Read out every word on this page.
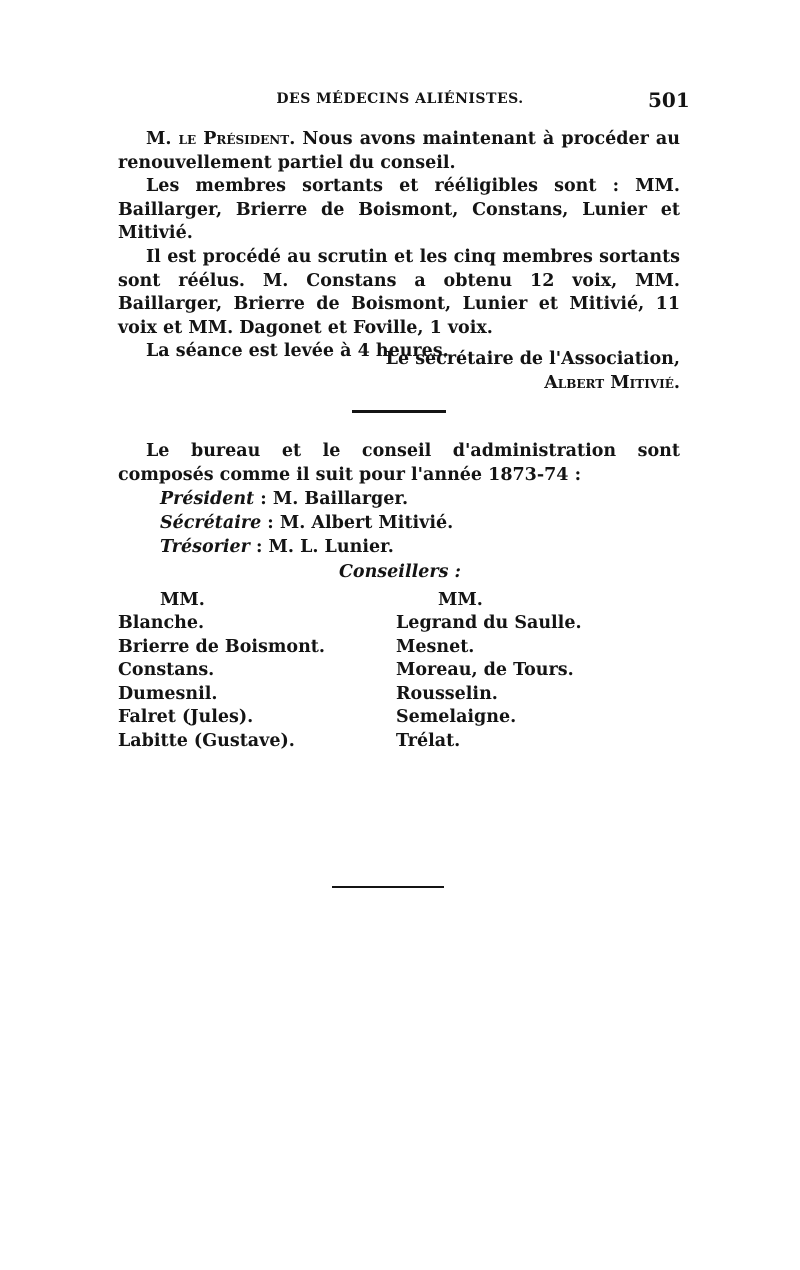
DES MÉDECINS ALIÉNISTES.	501

M. le Président. Nous avons maintenant à procéder au renouvellement partiel du conseil.

Les membres sortants et rééligibles sont : MM. Baillarger, Brierre de Boismont, Constans, Lunier et Mitivié.

Il est procédé au scrutin et les cinq membres sortants sont réélus. M. Constans a obtenu 12 voix, MM. Baillarger, Brierre de Boismont, Lunier et Mitivié, 11 voix et MM. Dagonet et Foville, 1 voix.

La séance est levée à 4 heures.

Le secrétaire de l'Association,
Albert Mitivié.

Le bureau et le conseil d'administration sont composés comme il suit pour l'année 1873-74 :

Président : M. Baillarger.
Sécrétaire : M. Albert Mitivié.
Trésorier : M. L. Lunier.
Conseillers :
MM.	MM.
Blanche.
Brierre de Boismont.
Constans.
Dumesnil.
Falret (Jules).
Labitte (Gustave).
Legrand du Saulle.
Mesnet.
Moreau, de Tours.
Rousselin.
Semelaigne.
Trélat.
